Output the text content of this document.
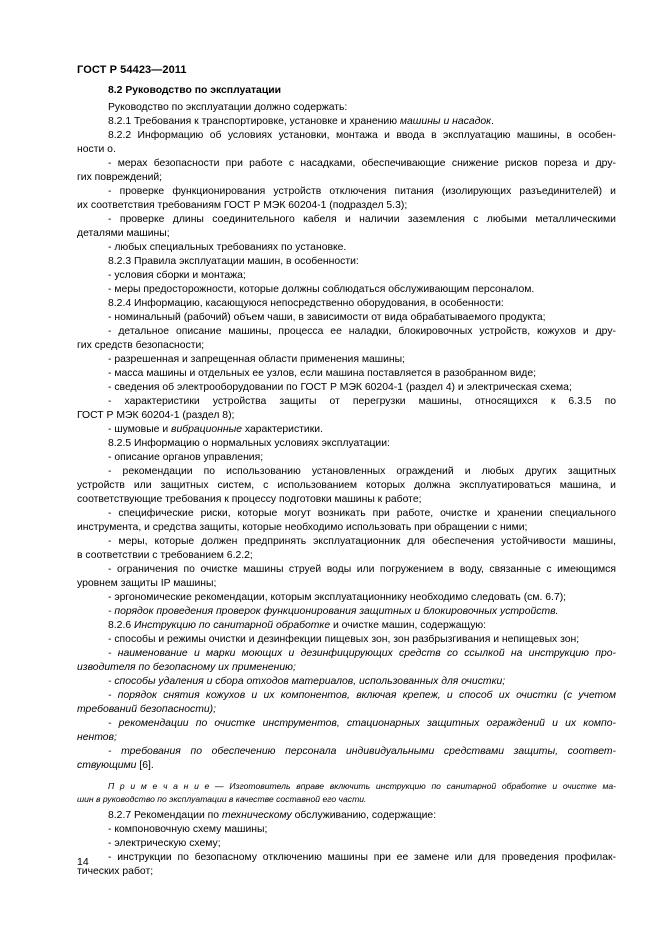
ГОСТ Р 54423—2011
8.2 Руководство по эксплуатации
Руководство по эксплуатации должно содержать:
8.2.1 Требования к транспортировке, установке и хранению машины и насадок.
8.2.2 Информацию об условиях установки, монтажа и ввода в эксплуатацию машины, в особен-
ности о.
- мерах безопасности при работе с насадками, обеспечивающие снижение рисков пореза и дру-
гих повреждений;
- проверке функционирования устройств отключения питания (изолирующих разъединителей) и
их соответствия требованиям ГОСТ Р МЭК 60204-1 (подраздел 5.3);
- проверке длины соединительного кабеля и наличии заземления с любыми металлическими
деталями машины;
- любых специальных требованиях по установке.
8.2.3 Правила эксплуатации машин, в особенности:
- условия сборки и монтажа;
- меры предосторожности, которые должны соблюдаться обслуживающим персоналом.
8.2.4 Информацию, касающуюся непосредственно оборудования, в особенности:
- номинальный (рабочий) объем чаши, в зависимости от вида обрабатываемого продукта;
- детальное описание машины, процесса ее наладки, блокировочных устройств, кожухов и дру-
гих средств безопасности;
- разрешенная и запрещенная области применения машины;
- масса машины и отдельных ее узлов, если машина поставляется в разобранном виде;
- сведения об электрооборудовании по ГОСТ Р МЭК 60204-1 (раздел 4) и электрическая схема;
- характеристики устройства защиты от перегрузки машины, относящихся к 6.3.5 по
ГОСТ Р МЭК 60204-1 (раздел 8);
- шумовые и вибрационные характеристики.
8.2.5 Информацию о нормальных условиях эксплуатации:
- описание органов управления;
- рекомендации по использованию установленных ограждений и любых других защитных
устройств или защитных систем, с использованием которых должна эксплуатироваться машина, и
соответствующие требования к процессу подготовки машины к работе;
- специфические риски, которые могут возникать при работе, очистке и хранении специального
инструмента, и средства защиты, которые необходимо использовать при обращении с ними;
- меры, которые должен предпринять эксплуатационник для обеспечения устойчивости машины,
в соответствии с требованием 6.2.2;
- ограничения по очистке машины струей воды или погружением в воду, связанные с имеющимся
уровнем защиты IP машины;
- эргономические рекомендации, которым эксплуатационнику необходимо следовать (см. 6.7);
- порядок проведения проверок функционирования защитных и блокировочных устройств.
8.2.6 Инструкцию по санитарной обработке и очистке машин, содержащую:
- способы и режимы очистки и дезинфекции пищевых зон, зон разбрызгивания и непищевых зон;
- наименование и марки моющих и дезинфицирующих средств со ссылкой на инструкцию про-
изводителя по безопасному их применению;
- способы удаления и сбора отходов материалов, использованных для очистки;
- порядок снятия кожухов и их компонентов, включая крепеж, и способ их очистки (с учетом
требований безопасности);
- рекомендации по очистке инструментов, стационарных защитных ограждений и их компо-
нентов;
- требования по обеспечению персонала индивидуальными средствами защиты, соответ-
ствующими [6].
П р и м е ч а н и е — Изготовитель вправе включить инструкцию по санитарной обработке и очистке ма-
шин в руководство по эксплуатации в качестве составной его части.
8.2.7 Рекомендации по техническому обслуживанию, содержащие:
- компоновочную схему машины;
- электрическую схему;
- инструкции по безопасному отключению машины при ее замене или для проведения профилак-
тических работ;
14
